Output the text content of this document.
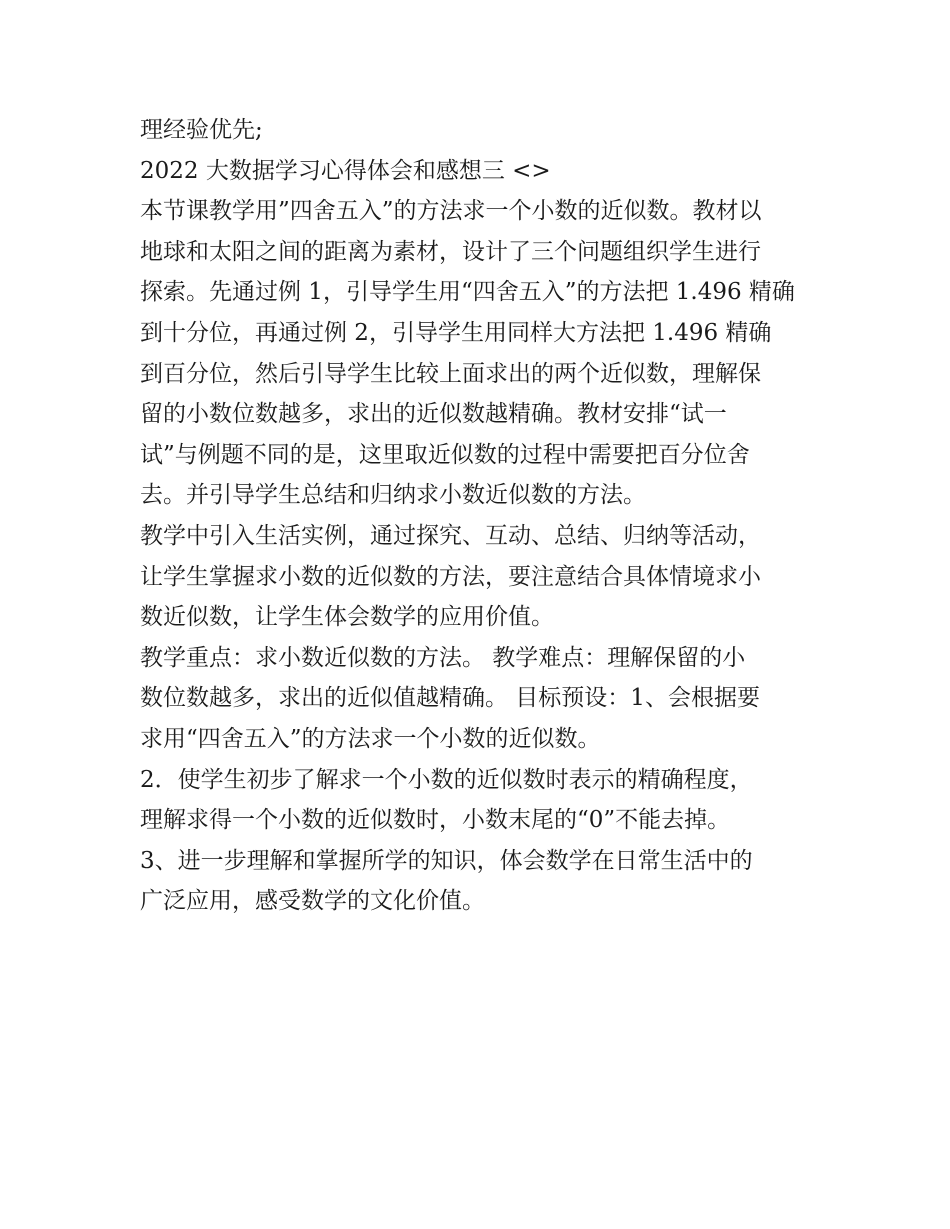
理经验优先;

2022 大数据学习心得体会和感想三 <>

本节课教学用”四舍五入”的方法求一个小数的近似数。教材以
地球和太阳之间的距离为素材，设计了三个问题组织学生进行
探索。先通过例 1，引导学生用“四舍五入”的方法把 1.496 精确
到十分位，再通过例 2，引导学生用同样大方法把 1.496 精确
到百分位，然后引导学生比较上面求出的两个近似数，理解保
留的小数位数越多，求出的近似数越精确。教材安排“试一
试”与例题不同的是，这里取近似数的过程中需要把百分位舍
去。并引导学生总结和归纳求小数近似数的方法。

教学中引入生活实例，通过探究、互动、总结、归纳等活动，
让学生掌握求小数的近似数的方法，要注意结合具体情境求小
数近似数，让学生体会数学的应用价值。

教学重点：求小数近似数的方法。 教学难点：理解保留的小
数位数越多，求出的近似值越精确。 目标预设：1、会根据要
求用“四舍五入”的方法求一个小数的近似数。

2．使学生初步了解求一个小数的近似数时表示的精确程度，
理解求得一个小数的近似数时，小数末尾的“0”不能去掉。

3、进一步理解和掌握所学的知识，体会数学在日常生活中的
广泛应用，感受数学的文化价值。
